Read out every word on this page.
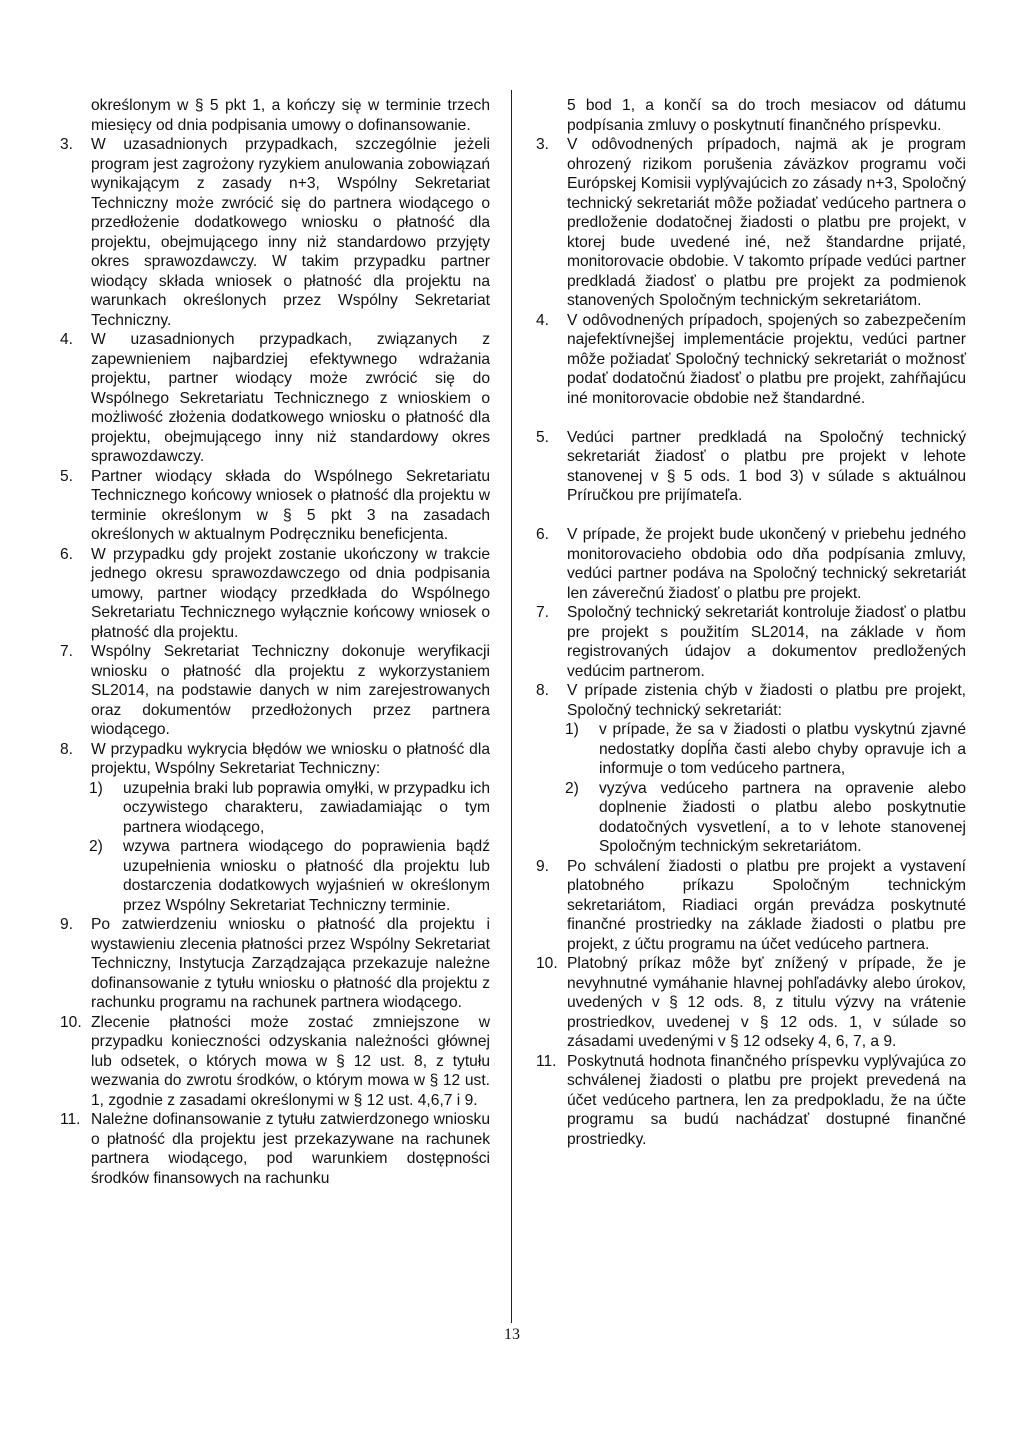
określonym w § 5 pkt 1, a kończy się w terminie trzech miesięcy od dnia podpisania umowy o dofinansowanie.

3. W uzasadnionych przypadkach, szczególnie jeżeli program jest zagrożony ryzykiem anulowania zobowiązań wynikającym z zasady n+3, Wspólny Sekretariat Techniczny może zwrócić się do partnera wiodącego o przedłożenie dodatkowego wniosku o płatność dla projektu, obejmującego inny niż standardowo przyjęty okres sprawozdawczy. W takim przypadku partner wiodący składa wniosek o płatność dla projektu na warunkach określonych przez Wspólny Sekretariat Techniczny.
4. W uzasadnionych przypadkach, związanych z zapewnieniem najbardziej efektywnego wdrażania projektu, partner wiodący może zwrócić się do Wspólnego Sekretariatu Technicznego z wnioskiem o możliwość złożenia dodatkowego wniosku o płatność dla projektu, obejmującego inny niż standardowy okres sprawozdawczy.
5. Partner wiodący składa do Wspólnego Sekretariatu Technicznego końcowy wniosek o płatność dla projektu w terminie określonym w § 5 pkt 3 na zasadach określonych w aktualnym Podręczniku beneficjenta.
6. W przypadku gdy projekt zostanie ukończony w trakcie jednego okresu sprawozdawczego od dnia podpisania umowy, partner wiodący przedkłada do Wspólnego Sekretariatu Technicznego wyłącznie końcowy wniosek o płatność dla projektu.
7. Wspólny Sekretariat Techniczny dokonuje weryfikacji wniosku o płatność dla projektu z wykorzystaniem SL2014, na podstawie danych w nim zarejestrowanych oraz dokumentów przedłożonych przez partnera wiodącego.
8. W przypadku wykrycia błędów we wniosku o płatność dla projektu, Wspólny Sekretariat Techniczny:
1) uzupełnia braki lub poprawia omyłki, w przypadku ich oczywistego charakteru, zawiadamiając o tym partnera wiodącego,
2) wzywa partnera wiodącego do poprawienia bądź uzupełnienia wniosku o płatność dla projektu lub dostarczenia dodatkowych wyjaśnień w określonym przez Wspólny Sekretariat Techniczny terminie.
9. Po zatwierdzeniu wniosku o płatność dla projektu i wystawieniu zlecenia płatności przez Wspólny Sekretariat Techniczny, Instytucja Zarządzająca przekazuje należne dofinansowanie z tytułu wniosku o płatność dla projektu z rachunku programu na rachunek partnera wiodącego.
10. Zlecenie płatności może zostać zmniejszone w przypadku konieczności odzyskania należności głównej lub odsetek, o których mowa w § 12 ust. 8, z tytułu wezwania do zwrotu środków, o którym mowa w § 12 ust. 1, zgodnie z zasadami określonymi w § 12 ust. 4,6,7 i 9.
11. Należne dofinansowanie z tytułu zatwierdzonego wniosku o płatność dla projektu jest przekazywane na rachunek partnera wiodącego, pod warunkiem dostępności środków finansowych na rachunku

5 bod 1, a končí sa do troch mesiacov od dátumu podpísania zmluvy o poskytnutí finančného príspevku.

3. V odôvodnených prípadoch, najmä ak je program ohrozený rizikom porušenia záväzkov programu voči Európskej Komisii vyplývajúcich zo zásady n+3, Spoločný technický sekretariát môže požiadať vedúceho partnera o predloženie dodatočnej žiadosti o platbu pre projekt, v ktorej bude uvedené iné, než štandardne prijaté, monitorovacie obdobie. V takomto prípade vedúci partner predkladá žiadosť o platbu pre projekt za podmienok stanovených Spoločným technickým sekretariátom.
4. V odôvodnených prípadoch, spojených so zabezpečením najefektívnejšej implementácie projektu, vedúci partner môže požiadať Spoločný technický sekretariát o možnosť podať dodatočnú žiadosť o platbu pre projekt, zahŕňajúcu iné monitorovacie obdobie než štandardné.
5. Vedúci partner predkladá na Spoločný technický sekretariát žiadosť o platbu pre projekt v lehote stanovenej v § 5 ods. 1 bod 3) v súlade s aktuálnou Príručkou pre prijímateľa.
6. V prípade, že projekt bude ukončený v priebehu jedného monitorovacieho obdobia odo dňa podpísania zmluvy, vedúci partner podáva na Spoločný technický sekretariát len záverečnú žiadosť o platbu pre projekt.
7. Spoločný technický sekretariát kontroluje žiadosť o platbu pre projekt s použitím SL2014, na základe v ňom registrovaných údajov a dokumentov predložených vedúcim partnerom.
8. V prípade zistenia chýb v žiadosti o platbu pre projekt, Spoločný technický sekretariát:
1) v prípade, že sa v žiadosti o platbu vyskytnú zjavné nedostatky dopĺňa časti alebo chyby opravuje ich a informuje o tom vedúceho partnera,
2) vyzýva vedúceho partnera na opravenie alebo doplnenie žiadosti o platbu alebo poskytnutie dodatočných vysvetlení, a to v lehote stanovenej Spoločným technickým sekretariátom.
9. Po schválení žiadosti o platbu pre projekt a vystavení platobného príkazu Spoločným technickým sekretariátom, Riadiaci orgán prevádza poskytnuté finančné prostriedky na základe žiadosti o platbu pre projekt, z účtu programu na účet vedúceho partnera.
10. Platobný príkaz môže byť znížený v prípade, že je nevyhnutné vymáhanie hlavnej pohľadávky alebo úrokov, uvedených v § 12 ods. 8, z titulu výzvy na vrátenie prostriedkov, uvedenej v § 12 ods. 1, v súlade so zásadami uvedenými v § 12 odseky 4, 6, 7, a 9.
11. Poskytnutá hodnota finančného príspevku vyplývajúca zo schválenej žiadosti o platbu pre projekt prevedená na účet vedúceho partnera, len za predpokladu, že na účte programu sa budú nachádzať dostupné finančné prostriedky.
13
